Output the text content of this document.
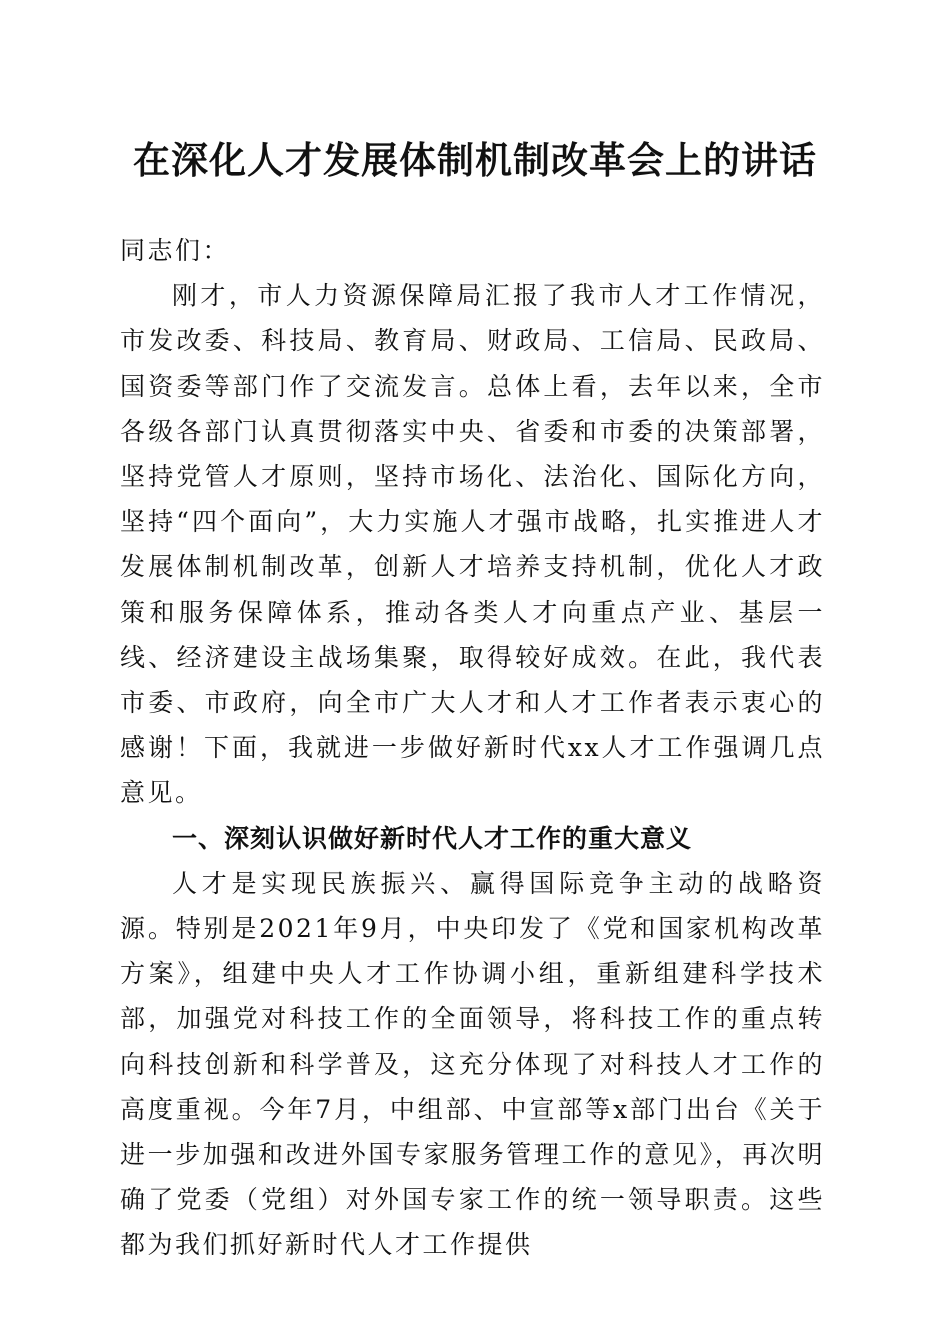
在深化人才发展体制机制改革会上的讲话

同志们：

刚才，市人力资源保障局汇报了我市人才工作情况，市发改委、科技局、教育局、财政局、工信局、民政局、国资委等部门作了交流发言。总体上看，去年以来，全市各级各部门认真贯彻落实中央、省委和市委的决策部署，坚持党管人才原则，坚持市场化、法治化、国际化方向，坚持“四个面向”，大力实施人才强市战略，扎实推进人才发展体制机制改革，创新人才培养支持机制，优化人才政策和服务保障体系，推动各类人才向重点产业、基层一线、经济建设主战场集聚，取得较好成效。在此，我代表市委、市政府，向全市广大人才和人才工作者表示衷心的感谢！下面，我就进一步做好新时代xx人才工作强调几点意见。

一、深刻认识做好新时代人才工作的重大意义

人才是实现民族振兴、赢得国际竞争主动的战略资源。特别是2021年9月，中央印发了《党和国家机构改革方案》，组建中央人才工作协调小组，重新组建科学技术部，加强党对科技工作的全面领导，将科技工作的重点转向科技创新和科学普及，这充分体现了对科技人才工作的高度重视。今年7月，中组部、中宣部等x部门出台《关于进一步加强和改进外国专家服务管理工作的意见》，再次明确了党委（党组）对外国专家工作的统一领导职责。这些都为我们抓好新时代人才工作提供
